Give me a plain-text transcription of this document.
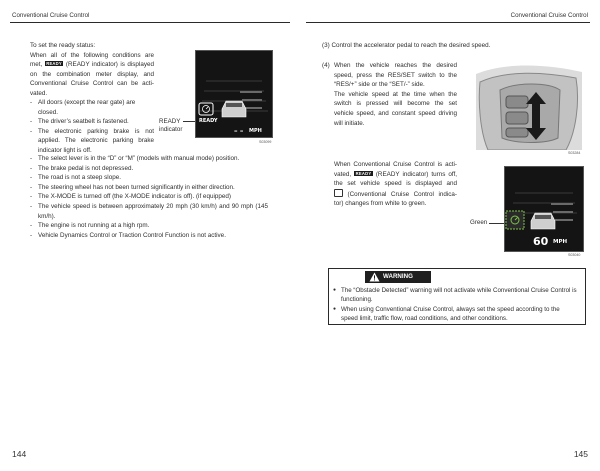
Conventional Cruise Control	Conventional Cruise Control
To set the ready status:
When all of the following conditions are
met, READY (READY indicator) is displayed
on the combination meter display, and
Conventional Cruise Control can be acti-
vated.
- All doors (except the rear gate) are closed.
- The driver’s seatbelt is fastened.
- The electronic parking brake is not applied. The electronic parking brake indicator light is off.
- The select lever is in the “D” or “M” (models with manual mode) position.
- The brake pedal is not depressed.
- The road is not a steep slope.
- The steering wheel has not been turned significantly in either direction.
- The X-MODE is turned off (the X-MODE indicator is off). (if equipped)
- The vehicle speed is between approximately 20 mph (30 km/h) and 90 mph (145 km/h).
- The engine is not running at a high rpm.
- Vehicle Dynamics Control or Traction Control Function is not active.
READY
indicator
READY
– – MPH
S03099
144
(3) Control the accelerator pedal to reach the desired speed.
(4) When the vehicle reaches the desired
speed, press the RES/SET switch to the
“RES/+” side or the “SET/-” side.
The vehicle speed at the time when the
switch is pressed will become the set
vehicle speed, and constant speed driving
will initiate.
S03284
When Conventional Cruise Control is acti-
vated, READY (READY indicator) turns off,
the set vehicle speed is displayed and
(Conventional Cruise Control indica-
tor) changes from white to green.
Green
60 MPH
S03040
WARNING
● The “Obstacle Detected” warning will not activate while Conventional Cruise Control is functioning.
● When using Conventional Cruise Control, always set the speed according to the speed limit, traffic flow, road conditions, and other conditions.
145
